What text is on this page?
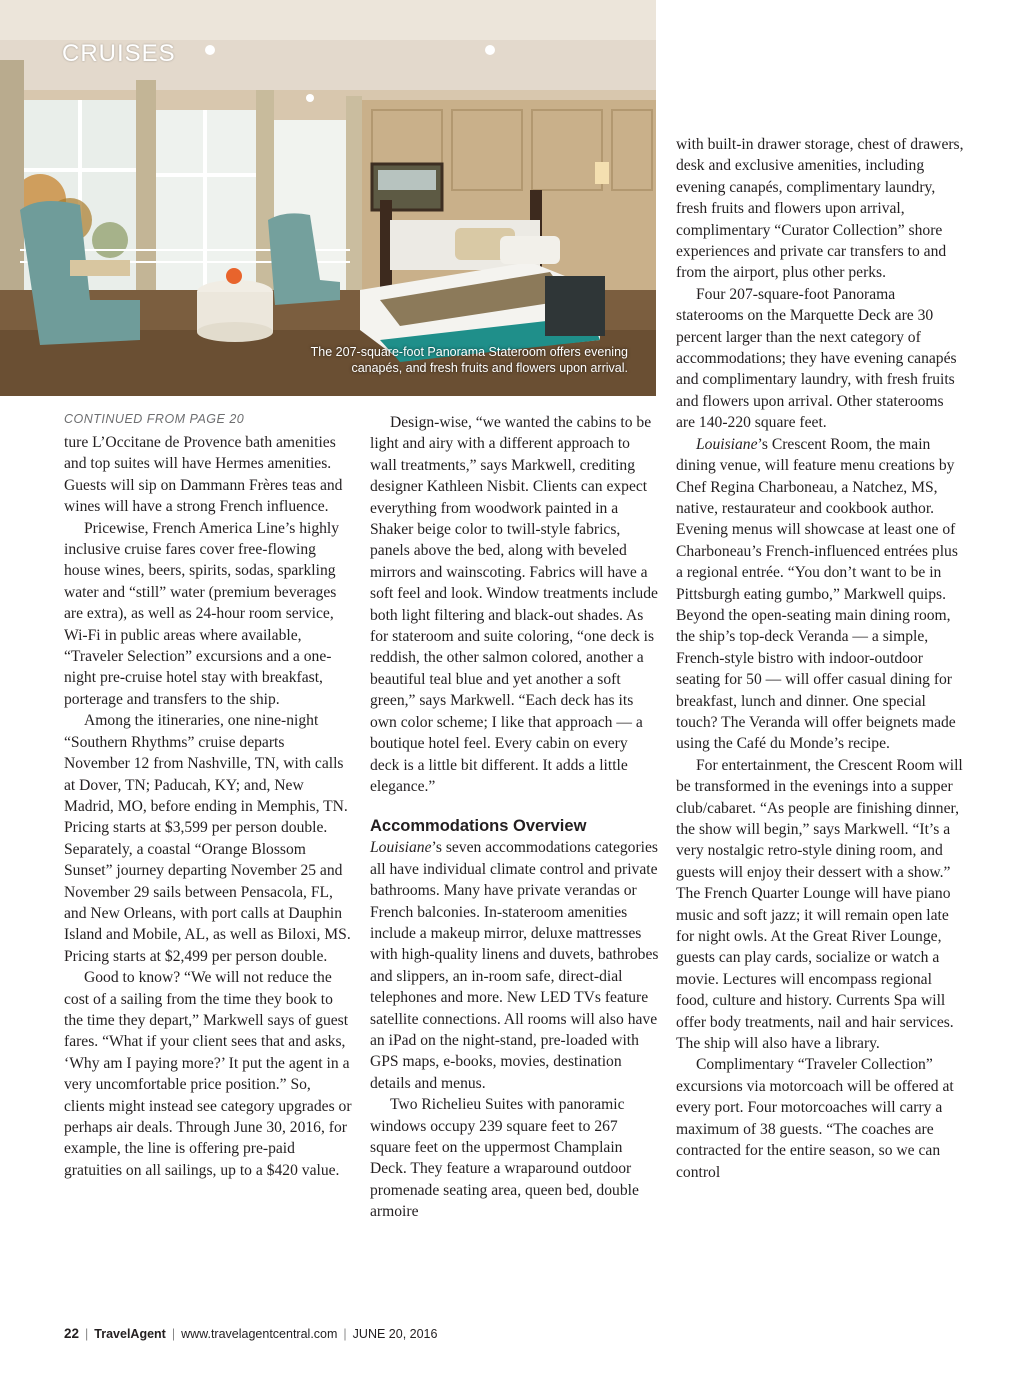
CRUISES
The 207-square-foot Panorama Stateroom offers evening
canapés, and fresh fruits and flowers upon arrival.
CONTINUED FROM PAGE 20

ture L’Occitane de Provence bath amenities and top suites will have Hermes amenities. Guests will sip on Dammann Frères teas and wines will have a strong French influence.

Pricewise, French America Line’s highly inclusive cruise fares cover free-flowing house wines, beers, spirits, sodas, sparkling water and “still” water (premium beverages are extra), as well as 24-hour room service, Wi-Fi in public areas where available, “Traveler Selection” excursions and a one-night pre-cruise hotel stay with breakfast, porterage and transfers to the ship.

Among the itineraries, one nine-night “Southern Rhythms” cruise departs November 12 from Nashville, TN, with calls at Dover, TN; Paducah, KY; and, New Madrid, MO, before ending in Memphis, TN. Pricing starts at $3,599 per person double. Separately, a coastal “Orange Blossom Sunset” journey departing November 25 and November 29 sails between Pensacola, FL, and New Orleans, with port calls at Dauphin Island and Mobile, AL, as well as Biloxi, MS. Pricing starts at $2,499 per person double.

Good to know? “We will not reduce the cost of a sailing from the time they book to the time they depart,” Markwell says of guest fares. “What if your client sees that and asks, ‘Why am I paying more?’ It put the agent in a very uncomfortable price position.” So, clients might instead see category upgrades or perhaps air deals. Through June 30, 2016, for example, the line is offering pre-paid gratuities on all sailings, up to a $420 value.

Design-wise, “we wanted the cabins to be light and airy with a different approach to wall treatments,” says Markwell, crediting designer Kathleen Nisbit. Clients can expect everything from woodwork painted in a Shaker beige color to twill-style fabrics, panels above the bed, along with beveled mirrors and wainscoting. Fabrics will have a soft feel and look. Window treatments include both light filtering and black-out shades. As for stateroom and suite coloring, “one deck is reddish, the other salmon colored, another a beautiful teal blue and yet another a soft green,” says Markwell. “Each deck has its own color scheme; I like that approach — a boutique hotel feel. Every cabin on every deck is a little bit different. It adds a little elegance.”

Accommodations Overview

Louisiane’s seven accommodations categories all have individual climate control and private bathrooms. Many have private verandas or French balconies. In-stateroom amenities include a makeup mirror, deluxe mattresses with high-quality linens and duvets, bathrobes and slippers, an in-room safe, direct-dial telephones and more. New LED TVs feature satellite connections. All rooms will also have an iPad on the night-stand, pre-loaded with GPS maps, e-books, movies, destination details and menus.

Two Richelieu Suites with panoramic windows occupy 239 square feet to 267 square feet on the uppermost Champlain Deck. They feature a wraparound outdoor promenade seating area, queen bed, double armoire

with built-in drawer storage, chest of drawers, desk and exclusive amenities, including evening canapés, complimentary laundry, fresh fruits and flowers upon arrival, complimentary “Curator Collection” shore experiences and private car transfers to and from the airport, plus other perks.

Four 207-square-foot Panorama staterooms on the Marquette Deck are 30 percent larger than the next category of accommodations; they have evening canapés and complimentary laundry, with fresh fruits and flowers upon arrival. Other staterooms are 140-220 square feet.

Louisiane’s Crescent Room, the main dining venue, will feature menu creations by Chef Regina Charboneau, a Natchez, MS, native, restaurateur and cookbook author. Evening menus will showcase at least one of Charboneau’s French-influenced entrées plus a regional entrée. “You don’t want to be in Pittsburgh eating gumbo,” Markwell quips. Beyond the open-seating main dining room, the ship’s top-deck Veranda — a simple, French-style bistro with indoor-outdoor seating for 50 — will offer casual dining for breakfast, lunch and dinner. One special touch? The Veranda will offer beignets made using the Café du Monde’s recipe.

For entertainment, the Crescent Room will be transformed in the evenings into a supper club/cabaret. “As people are finishing dinner, the show will begin,” says Markwell. “It’s a very nostalgic retro-style dining room, and guests will enjoy their dessert with a show.” The French Quarter Lounge will have piano music and soft jazz; it will remain open late for night owls. At the Great River Lounge, guests can play cards, socialize or watch a movie. Lectures will encompass regional food, culture and history. Currents Spa will offer body treatments, nail and hair services. The ship will also have a library.

Complimentary “Traveler Collection” excursions via motorcoach will be offered at every port. Four motorcoaches will carry a maximum of 38 guests. “The coaches are contracted for the entire season, so we can control

22 | TravelAgent | www.travelagentcentral.com | JUNE 20, 2016
